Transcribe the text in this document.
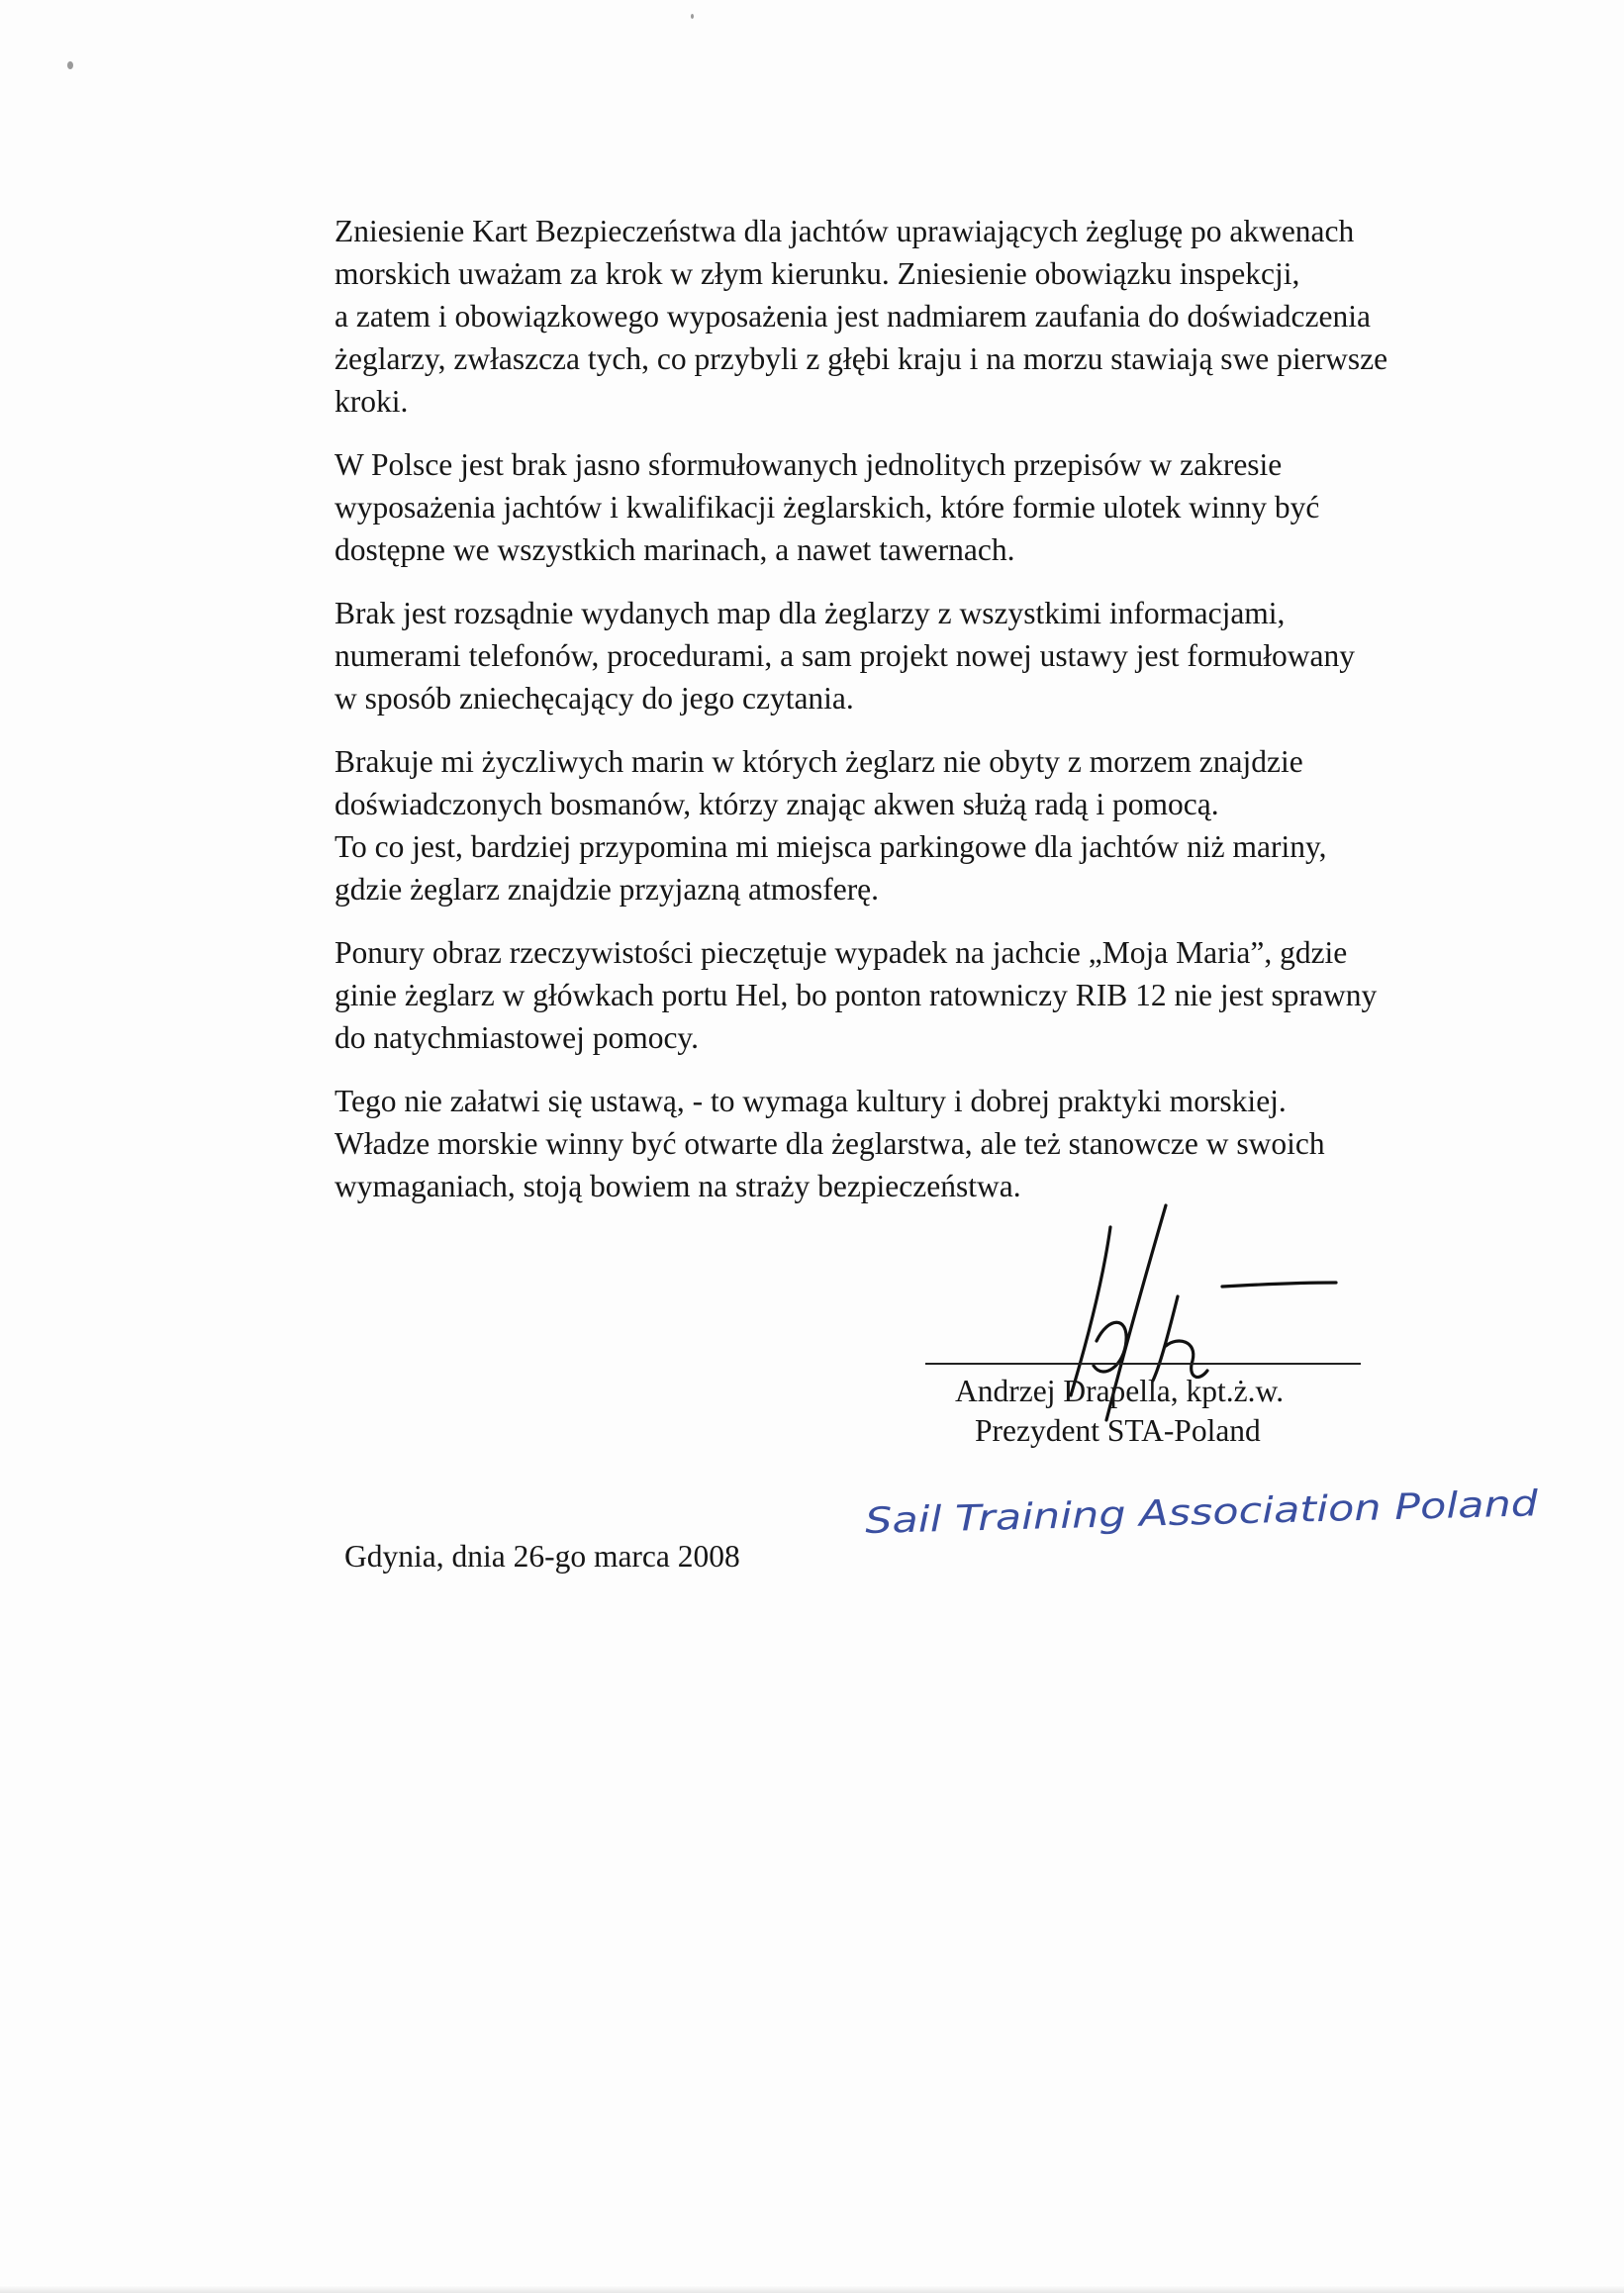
Zniesienie Kart Bezpieczeństwa dla jachtów uprawiających żeglugę po akwenach
morskich uważam za krok w złym kierunku. Zniesienie obowiązku inspekcji,
a zatem i obowiązkowego wyposażenia jest nadmiarem zaufania do doświadczenia
żeglarzy, zwłaszcza tych, co przybyli z głębi kraju i na morzu stawiają swe pierwsze
kroki.

W Polsce jest brak jasno sformułowanych jednolitych przepisów w zakresie
wyposażenia jachtów i kwalifikacji żeglarskich, które formie ulotek winny być
dostępne we wszystkich marinach, a nawet tawernach.

Brak jest rozsądnie wydanych map dla żeglarzy z wszystkimi informacjami,
numerami telefonów, procedurami, a sam projekt nowej ustawy jest formułowany
w sposób zniechęcający do jego czytania.

Brakuje mi życzliwych marin w których żeglarz nie obyty z morzem znajdzie
doświadczonych bosmanów, którzy znając akwen służą radą i pomocą.
To co jest, bardziej przypomina mi miejsca parkingowe dla jachtów niż mariny,
gdzie żeglarz znajdzie przyjazną atmosferę.

Ponury obraz rzeczywistości pieczętuje wypadek na jachcie „Moja Maria”, gdzie
ginie żeglarz w główkach portu Hel, bo ponton ratowniczy RIB 12 nie jest sprawny
do natychmiastowej pomocy.

Tego nie załatwi się ustawą, - to wymaga kultury i dobrej praktyki morskiej.
Władze morskie winny być otwarte dla żeglarstwa, ale też stanowcze w swoich
wymaganiach, stoją bowiem na straży bezpieczeństwa.

Andrzej Drapella, kpt.ż.w.
Prezydent STA-Poland
Sail Training Association Poland
Gdynia, dnia 26-go marca 2008
